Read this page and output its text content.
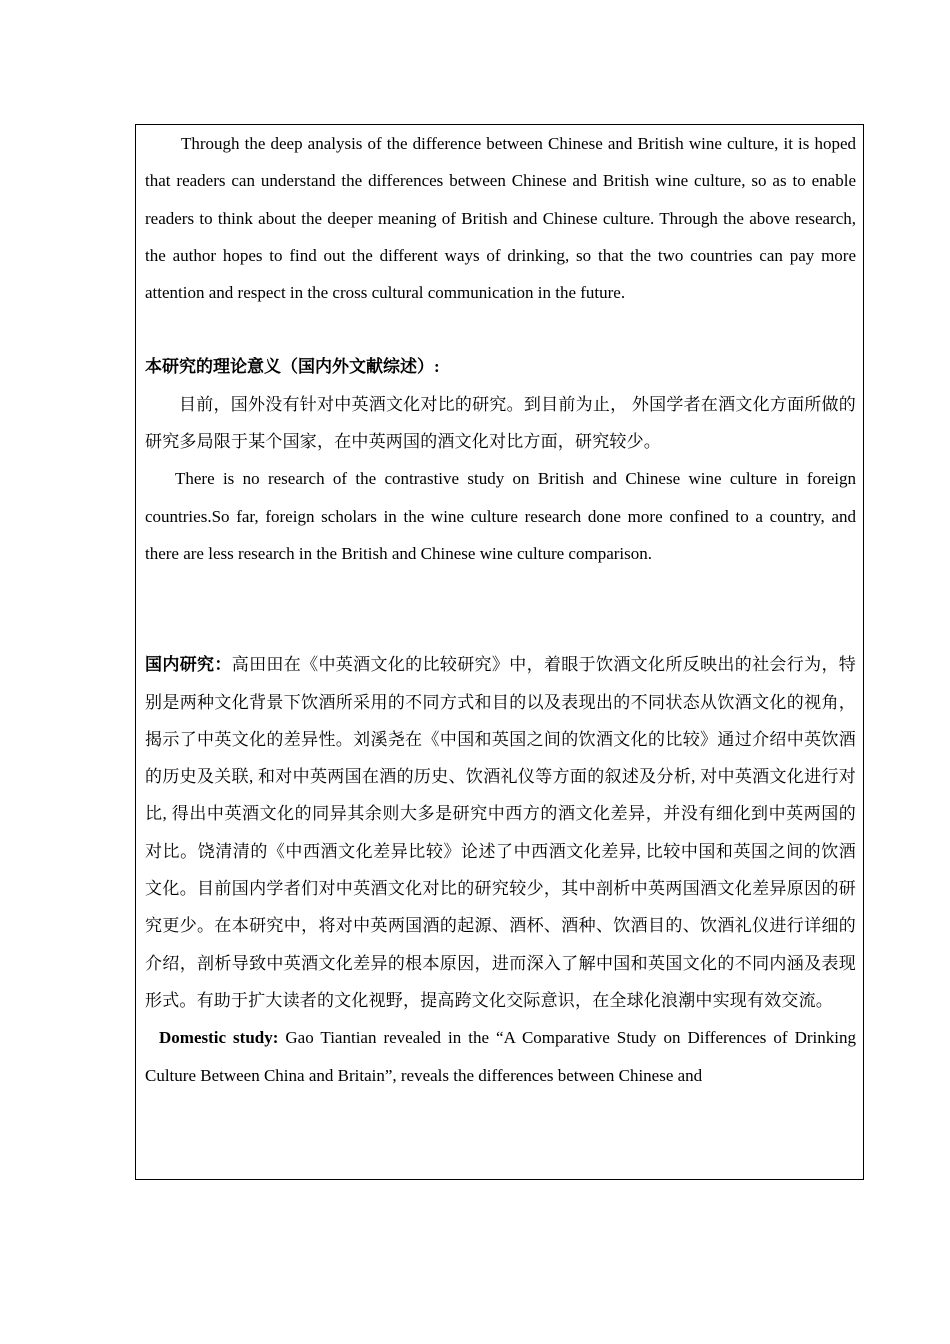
Through the deep analysis of the difference between Chinese and British wine culture, it is hoped that readers can understand the differences between Chinese and British wine culture, so as to enable readers to think about the deeper meaning of British and Chinese culture. Through the above research, the author hopes to find out the different ways of drinking, so that the two countries can pay more attention and respect in the cross cultural communication in the future.

本研究的理论意义（国内外文献综述）:

目前，国外没有针对中英酒文化对比的研究。到目前为止， 外国学者在酒文化方面所做的研究多局限于某个国家，在中英两国的酒文化对比方面，研究较少。

There is no research of the contrastive study on British and Chinese wine culture in foreign countries.So far, foreign scholars in the wine culture research done more confined to a country, and there are less research in the British and Chinese wine culture comparison.

国内研究：高田田在《中英酒文化的比较研究》中，着眼于饮酒文化所反映出的社会行为，特别是两种文化背景下饮酒所采用的不同方式和目的以及表现出的不同状态从饮酒文化的视角，揭示了中英文化的差异性。刘溪尧在《中国和英国之间的饮酒文化的比较》通过介绍中英饮酒的历史及关联, 和对中英两国在酒的历史、饮酒礼仪等方面的叙述及分析, 对中英酒文化进行对比, 得出中英酒文化的同异其余则大多是研究中西方的酒文化差异，并没有细化到中英两国的对比。饶清清的《中西酒文化差异比较》论述了中西酒文化差异, 比较中国和英国之间的饮酒文化。目前国内学者们对中英酒文化对比的研究较少，其中剖析中英两国酒文化差异原因的研究更少。在本研究中，将对中英两国酒的起源、酒杯、酒种、饮酒目的、饮酒礼仪进行详细的介绍，剖析导致中英酒文化差异的根本原因，进而深入了解中国和英国文化的不同内涵及表现形式。有助于扩大读者的文化视野，提高跨文化交际意识，在全球化浪潮中实现有效交流。

Domestic study: Gao Tiantian revealed in the “A Comparative Study on Differences of Drinking Culture Between China and Britain”, reveals the differences between Chinese and
